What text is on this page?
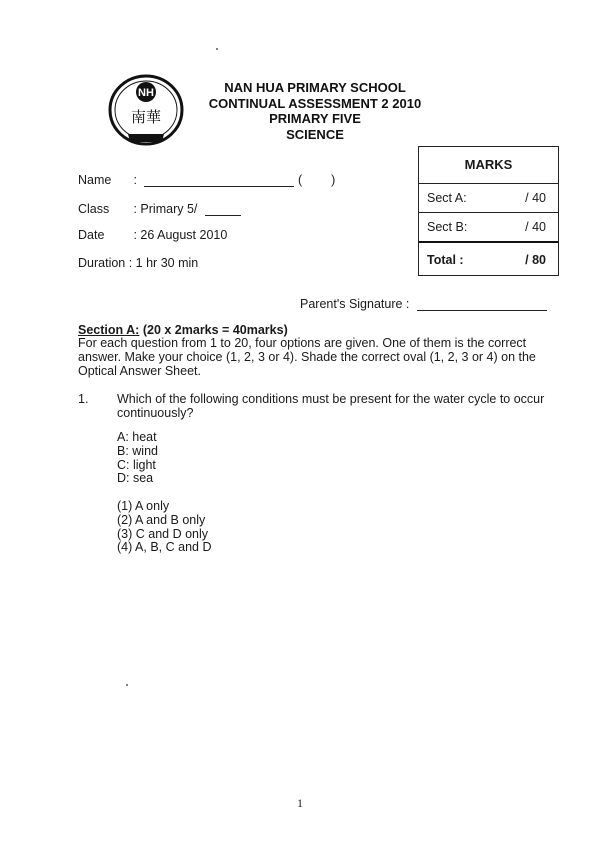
NH
南華
NAN HUA PRIMARY SCHOOL
CONTINUAL ASSESSMENT 2 2010
PRIMARY FIVE
SCIENCE
Name :	( )
Class : Primary 5/
Date : 26 August 2010
Duration : 1 hr 30 min
MARKS
Sect A:	/ 40
Sect B:	/ 40
Total :	/ 80
Parent's Signature :
Section A: (20 x 2marks = 40marks)
For each question from 1 to 20, four options are given. One of them is the correct answer. Make your choice (1, 2, 3 or 4). Shade the correct oval (1, 2, 3 or 4) on the Optical Answer Sheet.
1. Which of the following conditions must be present for the water cycle to occur continuously?
A: heat
B: wind
C: light
D: sea
(1) A only
(2) A and B only
(3) C and D only
(4) A, B, C and D
1
